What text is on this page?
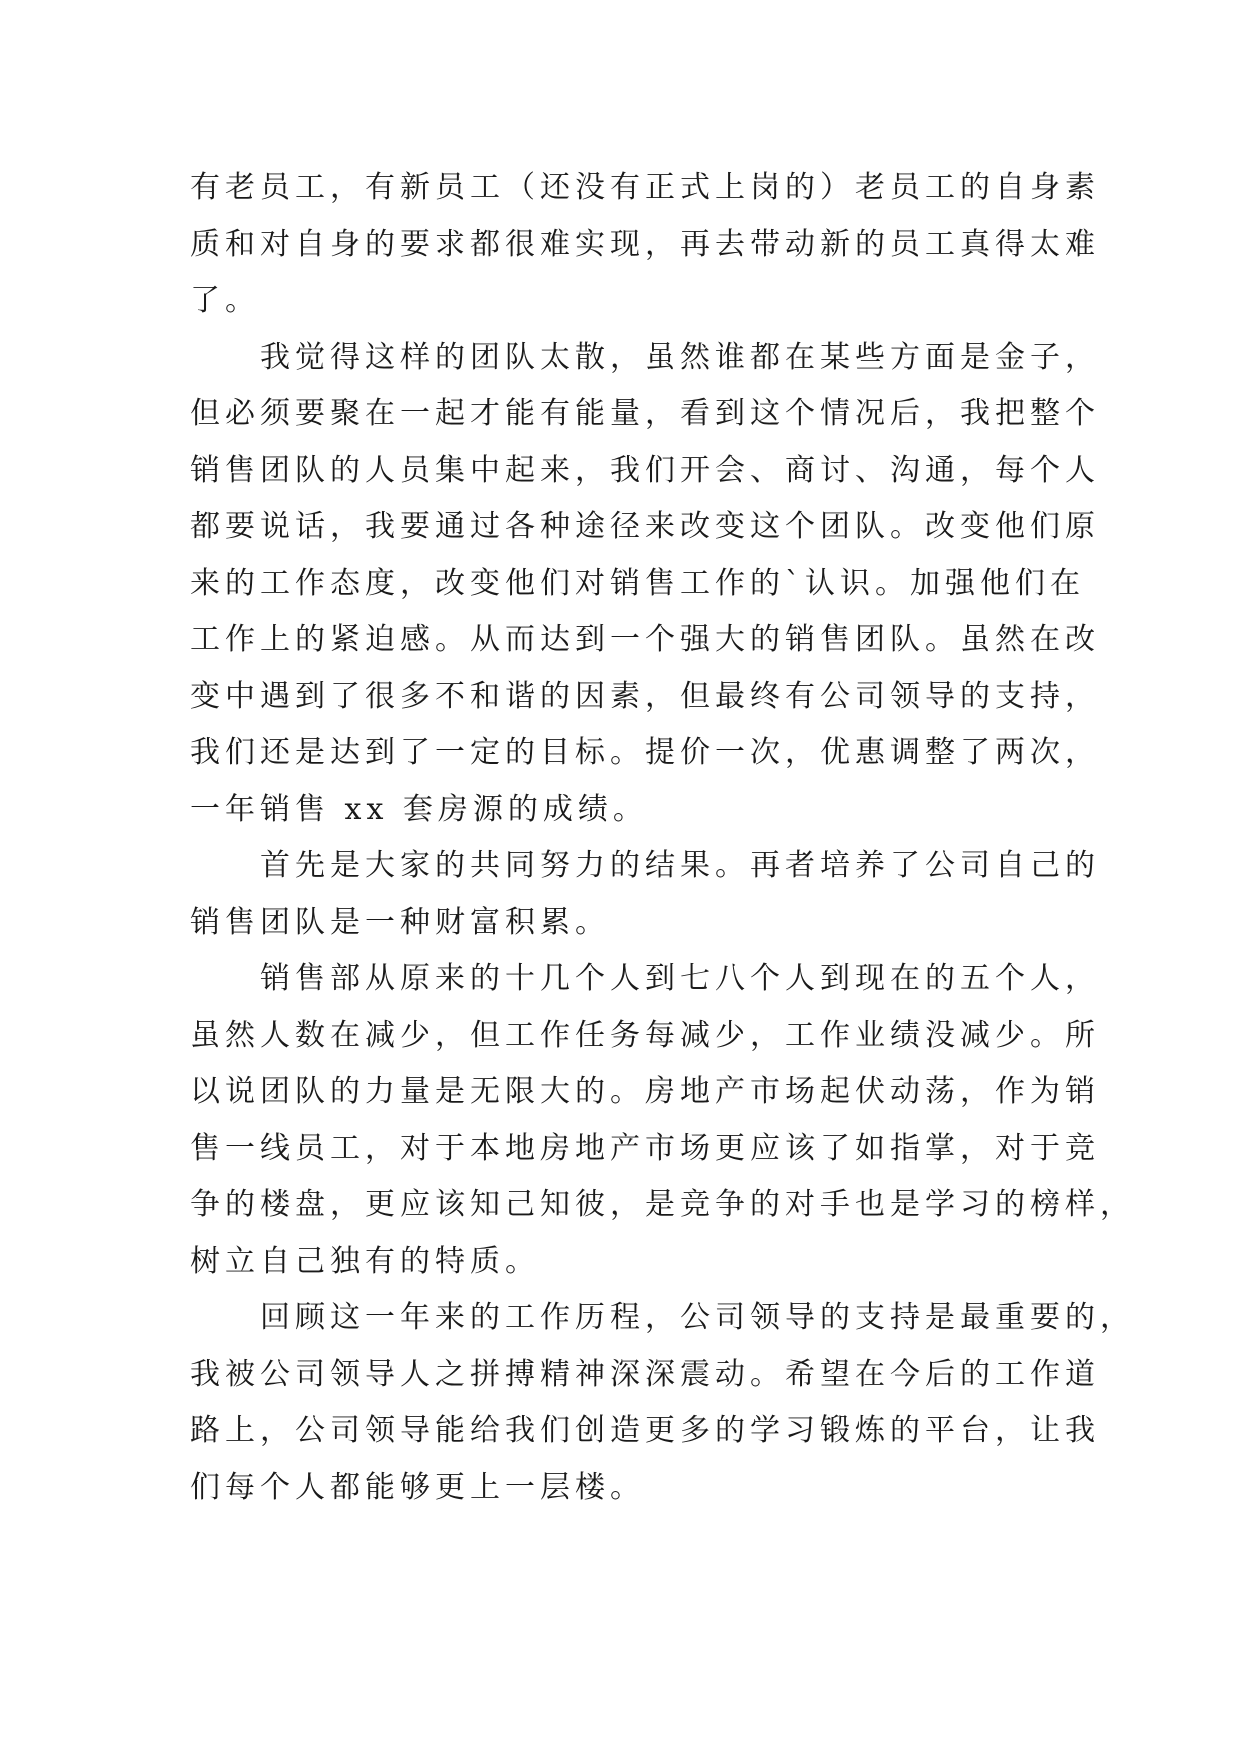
有老员工，有新员工（还没有正式上岗的）老员工的自身素
质和对自身的要求都很难实现，再去带动新的员工真得太难
了。
我觉得这样的团队太散，虽然谁都在某些方面是金子，
但必须要聚在一起才能有能量，看到这个情况后，我把整个
销售团队的人员集中起来，我们开会、商讨、沟通，每个人
都要说话，我要通过各种途径来改变这个团队。改变他们原
来的工作态度，改变他们对销售工作的`认识。加强他们在
工作上的紧迫感。从而达到一个强大的销售团队。虽然在改
变中遇到了很多不和谐的因素，但最终有公司领导的支持，
我们还是达到了一定的目标。提价一次，优惠调整了两次，
一年销售 xx 套房源的成绩。
首先是大家的共同努力的结果。再者培养了公司自己的
销售团队是一种财富积累。
销售部从原来的十几个人到七八个人到现在的五个人，
虽然人数在减少，但工作任务每减少，工作业绩没减少。所
以说团队的力量是无限大的。房地产市场起伏动荡，作为销
售一线员工，对于本地房地产市场更应该了如指掌，对于竞
争的楼盘，更应该知己知彼，是竞争的对手也是学习的榜样，
树立自己独有的特质。
回顾这一年来的工作历程，公司领导的支持是最重要的，
我被公司领导人之拼搏精神深深震动。希望在今后的工作道
路上，公司领导能给我们创造更多的学习锻炼的平台，让我
们每个人都能够更上一层楼。
